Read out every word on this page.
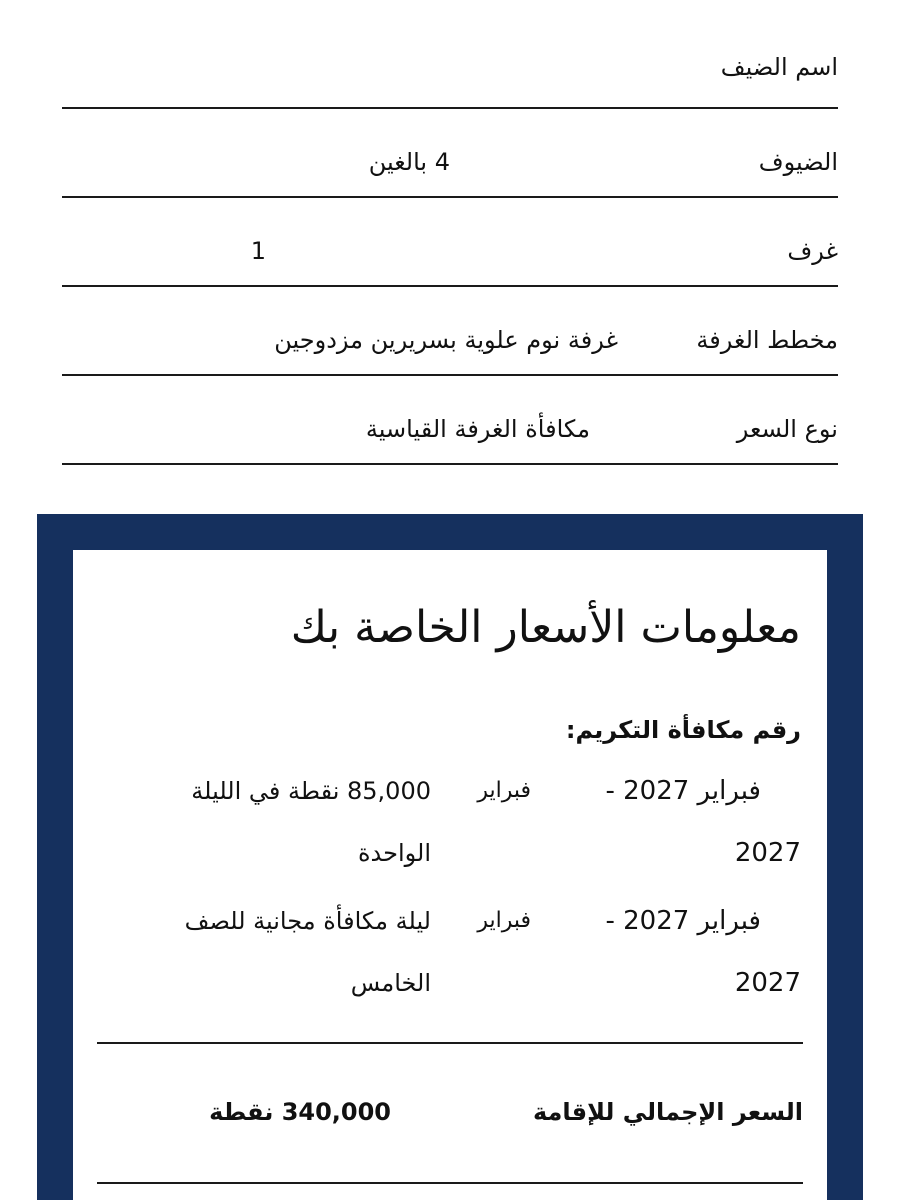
اسم الضيف
الضيوف
4 بالغين
غرف
1
مخطط الغرفة
غرفة نوم علوية بسريرين مزدوجين
نوع السعر
مكافأة الغرفة القياسية
معلومات الأسعار الخاصة بك
رقم مكافأة التكريم:
فبراير 2027 -
2027
فبراير
85,000 نقطة في الليلة الواحدة
فبراير 2027 -
2027
فبراير
ليلة مكافأة مجانية للصف الخامس
السعر الإجمالي للإقامة
340,000 نقطة
